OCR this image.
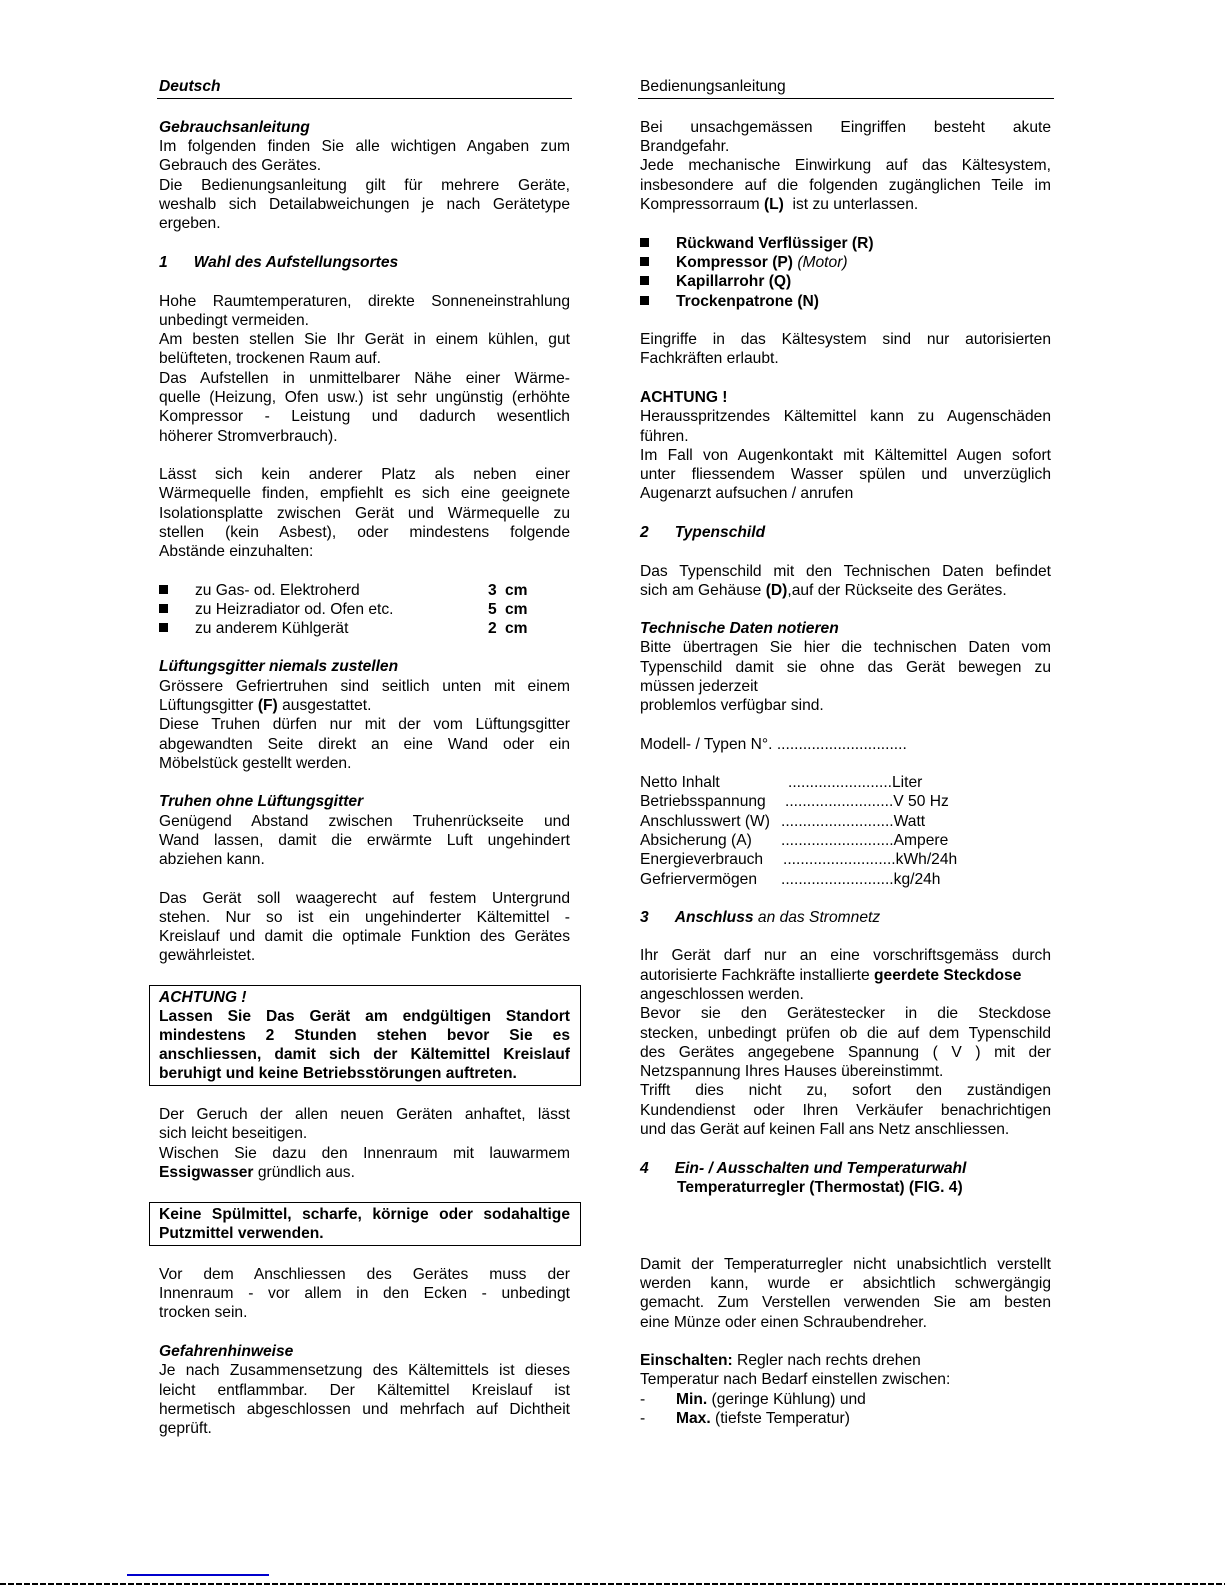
Deutsch
Gebrauchsanleitung
Im folgenden finden Sie alle wichtigen Angaben zum
Gebrauch des Gerätes.
Die Bedienungsanleitung gilt für mehrere Geräte,
weshalb sich Detailabweichungen je nach Gerätetype
ergeben.
1 Wahl des Aufstellungsortes
Hohe Raumtemperaturen, direkte Sonneneinstrahlung
unbedingt vermeiden.
Am besten stellen Sie Ihr Gerät in einem kühlen, gut
belüfteten, trockenen Raum auf.
Das Aufstellen in unmittelbarer Nähe einer Wärme-
quelle (Heizung, Ofen usw.) ist sehr ungünstig (erhöhte
Kompressor - Leistung und dadurch wesentlich
höherer Stromverbrauch).
Lässt sich kein anderer Platz als neben einer
Wärmequelle finden, empfiehlt es sich eine geeignete
Isolationsplatte zwischen Gerät und Wärmequelle zu
stellen (kein Asbest), oder mindestens folgende
Abstände einzuhalten:
zu Gas- od. Elektroherd	3 cm
zu Heizradiator od. Ofen etc.	5 cm
zu anderem Kühlgerät	2 cm
Lüftungsgitter niemals zustellen
Grössere Gefriertruhen sind seitlich unten mit einem
Lüftungsgitter (F) ausgestattet.
Diese Truhen dürfen nur mit der vom Lüftungsgitter
abgewandten Seite direkt an eine Wand oder ein
Möbelstück gestellt werden.
Truhen ohne Lüftungsgitter
Genügend Abstand zwischen Truhenrückseite und
Wand lassen, damit die erwärmte Luft ungehindert
abziehen kann.
Das Gerät soll waagerecht auf festem Untergrund
stehen. Nur so ist ein ungehinderter Kältemittel -
Kreislauf und damit die optimale Funktion des Gerätes
gewährleistet.
ACHTUNG !
Lassen Sie Das Gerät am endgültigen Standort
mindestens 2 Stunden stehen bevor Sie es
anschliessen, damit sich der Kältemittel Kreislauf
beruhigt und keine Betriebsstörungen auftreten.
Der Geruch der allen neuen Geräten anhaftet, lässt
sich leicht beseitigen.
Wischen Sie dazu den Innenraum mit lauwarmem
Essigwasser gründlich aus.
Keine Spülmittel, scharfe, körnige oder sodahaltige
Putzmittel verwenden.
Vor dem Anschliessen des Gerätes muss der
Innenraum - vor allem in den Ecken - unbedingt
trocken sein.
Gefahrenhinweise
Je nach Zusammensetzung des Kältemittels ist dieses
leicht entflammbar. Der Kältemittel Kreislauf ist
hermetisch abgeschlossen und mehrfach auf Dichtheit
geprüft.
Bedienungsanleitung
Bei unsachgemässen Eingriffen besteht akute
Brandgefahr.
Jede mechanische Einwirkung auf das Kältesystem,
insbesondere auf die folgenden zugänglichen Teile im
Kompressorraum (L) ist zu unterlassen.
Rückwand Verflüssiger (R)
Kompressor (P) (Motor)
Kapillarrohr (Q)
Trockenpatrone (N)
Eingriffe in das Kältesystem sind nur autorisierten
Fachkräften erlaubt.
ACHTUNG !
Herausspritzendes Kältemittel kann zu Augenschäden
führen.
Im Fall von Augenkontakt mit Kältemittel Augen sofort
unter fliessendem Wasser spülen und unverzüglich
Augenarzt aufsuchen / anrufen
2 Typenschild
Das Typenschild mit den Technischen Daten befindet
sich am Gehäuse (D),auf der Rückseite des Gerätes.
Technische Daten notieren
Bitte übertragen Sie hier die technischen Daten vom
Typenschild damit sie ohne das Gerät bewegen zu
müssen jederzeit
problemlos verfügbar sind.
Modell- / Typen N°. ..............................
Netto Inhalt	........................Liter
Betriebsspannung .........................V 50 Hz
Anschlusswert (W) ..........................Watt
Absicherung (A) ..........................Ampere
Energieverbrauch ..........................kWh/24h
Gefriervermögen ..........................kg/24h
3 Anschluss an das Stromnetz
Ihr Gerät darf nur an eine vorschriftsgemäss durch
autorisierte Fachkräfte installierte geerdete Steckdose
angeschlossen werden.
Bevor sie den Gerätestecker in die Steckdose
stecken, unbedingt prüfen ob die auf dem Typenschild
des Gerätes angegebene Spannung ( V ) mit der
Netzspannung Ihres Hauses übereinstimmt.
Trifft dies nicht zu, sofort den zuständigen
Kundendienst oder Ihren Verkäufer benachrichtigen
und das Gerät auf keinen Fall ans Netz anschliessen.
4 Ein- / Ausschalten und Temperaturwahl
Temperaturregler (Thermostat) (FIG. 4)
Damit der Temperaturregler nicht unabsichtlich verstellt
werden kann, wurde er absichtlich schwergängig
gemacht. Zum Verstellen verwenden Sie am besten
eine Münze oder einen Schraubendreher.
Einschalten: Regler nach rechts drehen
Temperatur nach Bedarf einstellen zwischen:
- Min. (geringe Kühlung) und
- Max. (tiefste Temperatur)
